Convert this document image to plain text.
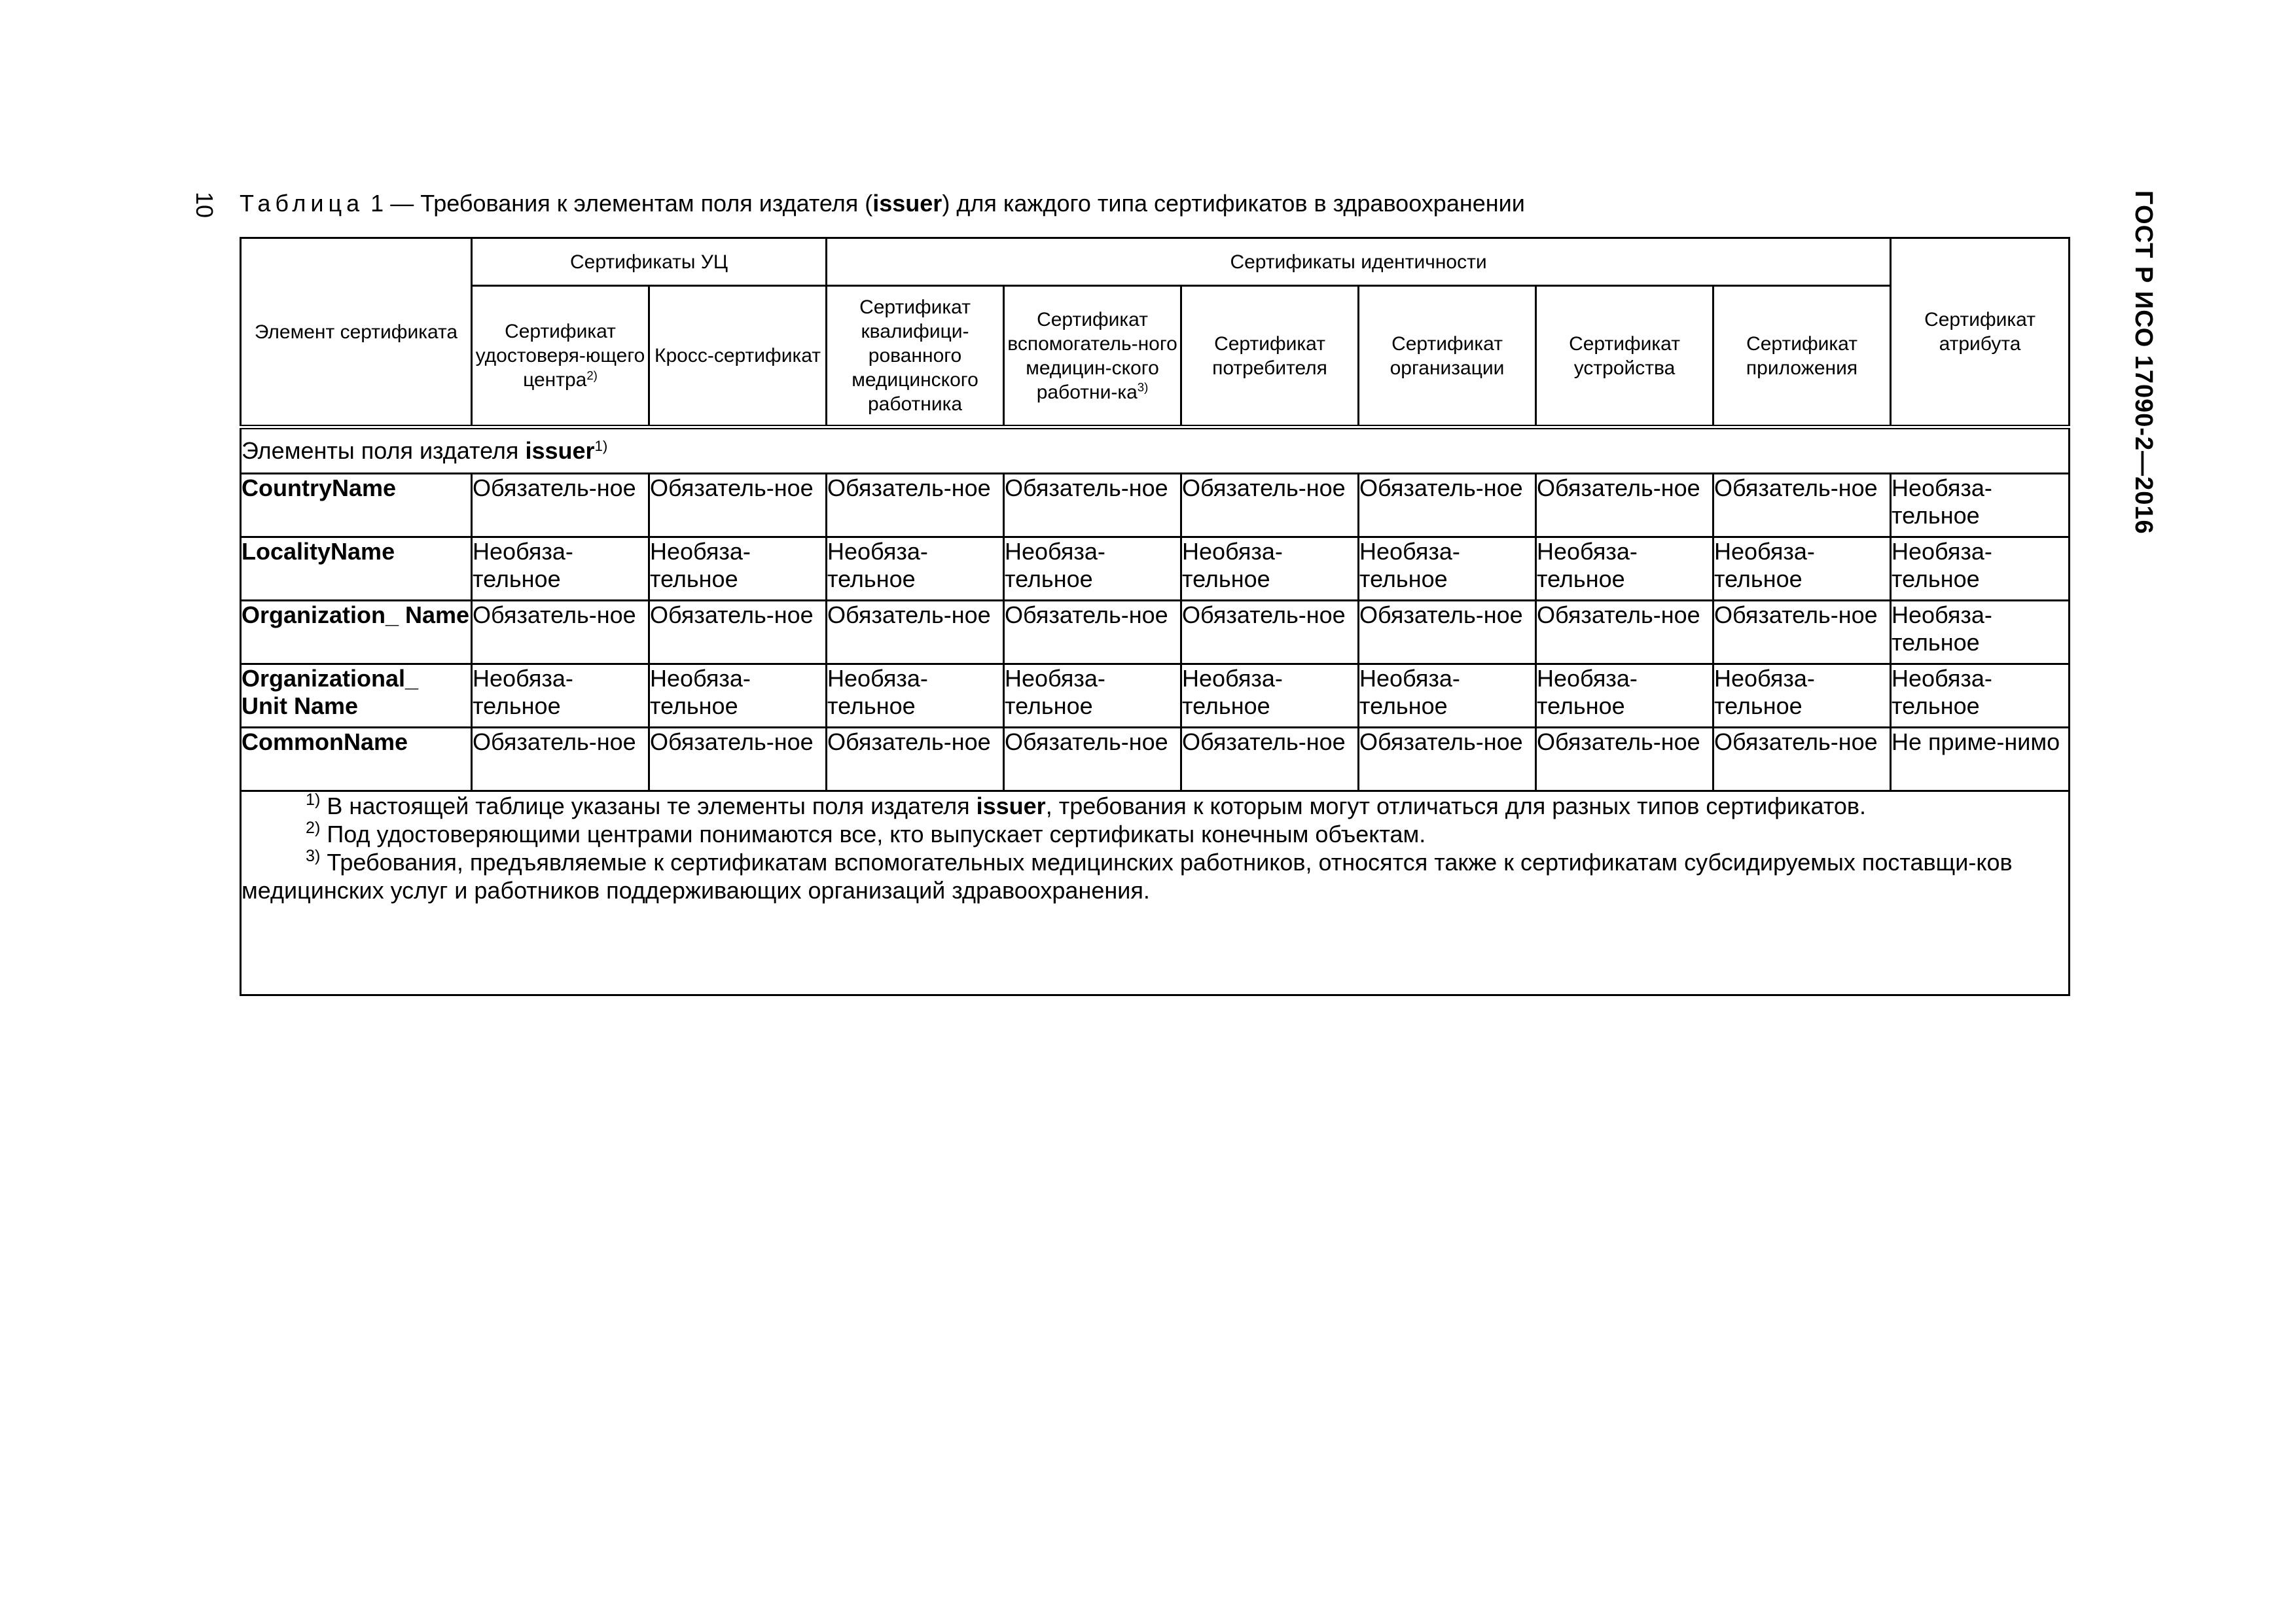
10	ГОСТ Р ИСО 17090-2—2016
Таблица 1 — Требования к элементам поля издателя (issuer) для каждого типа сертификатов в здравоохранении
Элемент сертификата	Сертификаты УЦ		Сертификаты идентичности						Сертификат атрибута
	Сертификат удостоверя-ющего центра$^{2)}$	Кросс-сертификат	Сертификат квалифици-рованного медицинского работника	Сертификат вспомогатель-ного медицин-ского работни-$ка^{3)}$	Сертификат потребителя	Сертификат организации	Сертификат устройства	Сертификат приложения	
Элементы поля издателя issuer$^{1)}$
CountryName	Обязатель-ное	Обязатель-ное	Обязатель-ное	Обязатель-ное	Обязатель-ное	Обязатель-ное	Обязатель-ное	Обязатель-ное	Необяза-тельное
LocalityName	Необяза-тельное	Необяза-тельное	Необяза-тельное	Необяза-тельное	Необяза-тельное	Необяза-тельное	Необяза-тельное	Необяза-тельное	Необяза-тельное
Organization_ Name	Обязатель-ное	Обязатель-ное	Обязатель-ное	Обязатель-ное	Обязатель-ное	Обязатель-ное	Обязатель-ное	Обязатель-ное	Необяза-тельное
Organizational_ Unit Name	Необяза-тельное	Необяза-тельное	Необяза-тельное	Необяза-тельное	Необяза-тельное	Необяза-тельное	Необяза-тельное	Необяза-тельное	Необяза-тельное
CommonName	Обязатель-ное	Обязатель-ное	Обязатель-ное	Обязатель-ное	Обязатель-ное	Обязатель-ное	Обязатель-ное	Обязатель-ное	Не приме-нимо

$^{1)}$ В настоящей таблице указаны те элементы поля издателя issuer, требования к которым могут отличаться для разных типов сертификатов.
$^{2)}$ Под удостоверяющими центрами понимаются все, кто выпускает сертификаты конечным объектам.
$^{3)}$ Требования, предъявляемые к сертификатам вспомогательных медицинских работников, относятся также к сертификатам субсидируемых поставщи-ков медицинских услуг и работников поддерживающих организаций здравоохранения.									
